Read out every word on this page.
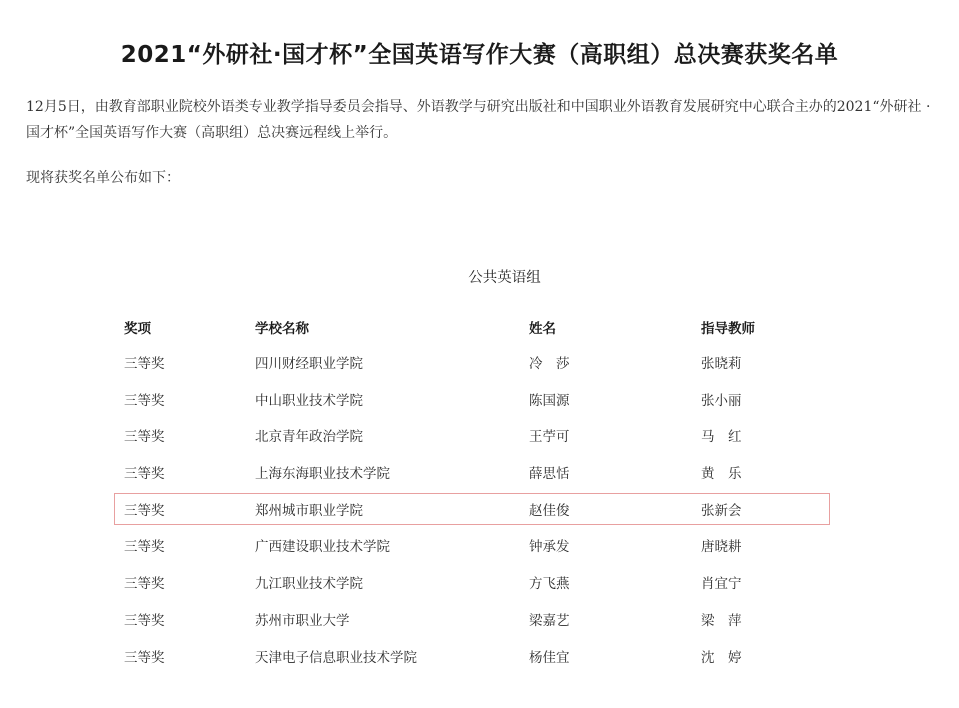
2021“外研社·国才杯”全国英语写作大赛（高职组）总决赛获奖名单
12月5日，由教育部职业院校外语类专业教学指导委员会指导、外语教学与研究出版社和中国职业外语教育发展研究中心联合主办的2021“外研社 · 国才杯”全国英语写作大赛（高职组）总决赛远程线上举行。
现将获奖名单公布如下：
公共英语组
奖项	学校名称	姓名	指导教师
三等奖	四川财经职业学院	冷　莎	张晓莉
三等奖	中山职业技术学院	陈国源	张小丽
三等奖	北京青年政治学院	王苧可	马　红
三等奖	上海东海职业技术学院	薛思恬	黄　乐
三等奖	郑州城市职业学院	赵佳俊	张新会
三等奖	广西建设职业技术学院	钟承发	唐晓耕
三等奖	九江职业技术学院	方飞燕	肖宜宁
三等奖	苏州市职业大学	梁嘉艺	梁　萍
三等奖	天津电子信息职业技术学院	杨佳宜	沈　婷
